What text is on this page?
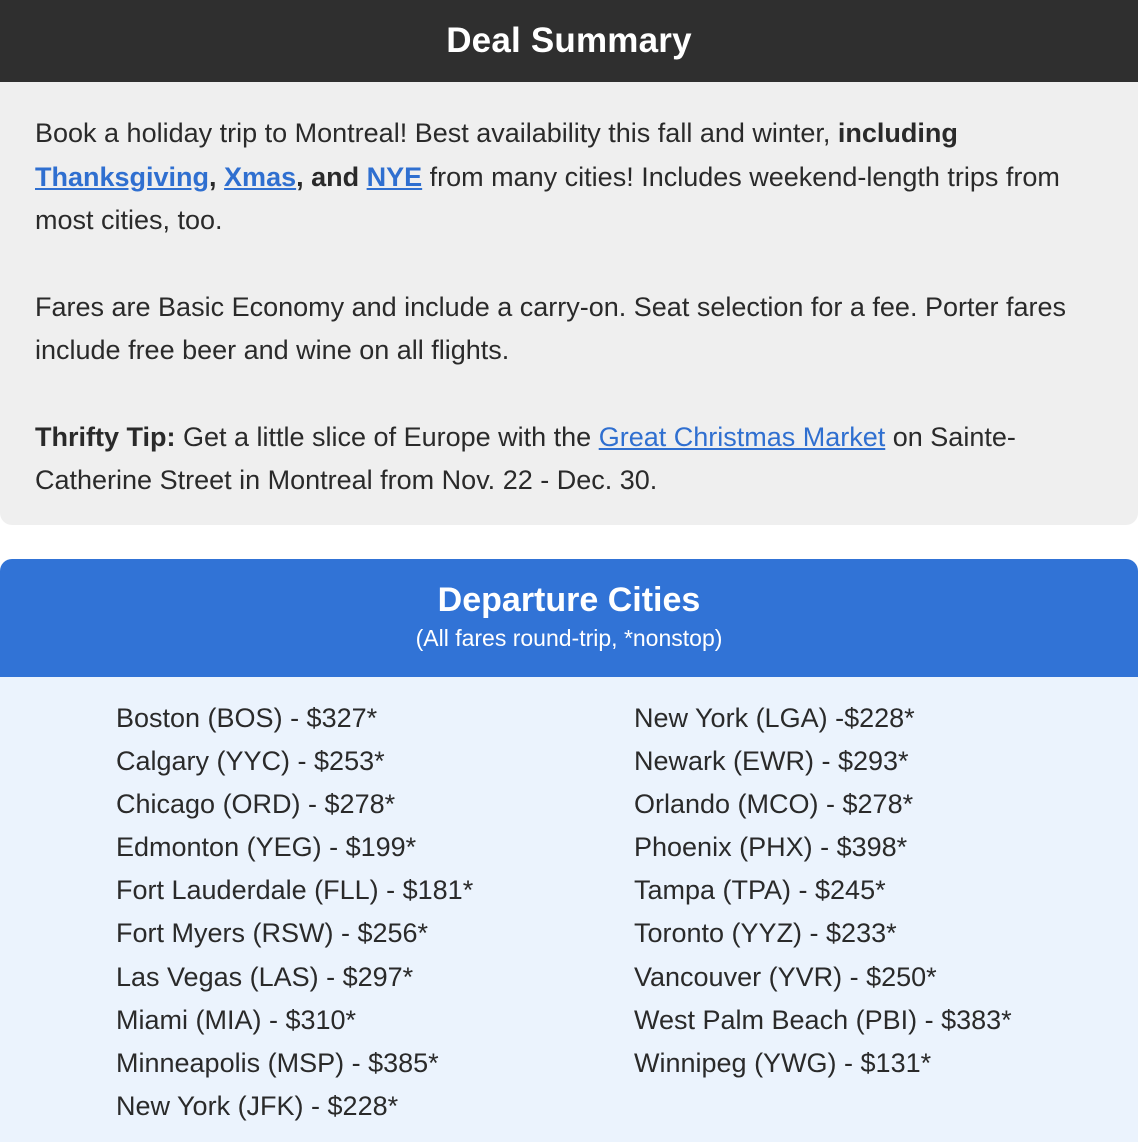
Deal Summary

Book a holiday trip to Montreal! Best availability this fall and winter, including Thanksgiving, Xmas, and NYE from many cities! Includes weekend-length trips from most cities, too.

Fares are Basic Economy and include a carry-on. Seat selection for a fee. Porter fares include free beer and wine on all flights.

Thrifty Tip: Get a little slice of Europe with the Great Christmas Market on Sainte-Catherine Street in Montreal from Nov. 22 - Dec. 30.

Departure Cities
(All fares round-trip, *nonstop)
Boston (BOS) - $327*
Calgary (YYC) - $253*
Chicago (ORD) - $278*
Edmonton (YEG) - $199*
Fort Lauderdale (FLL) - $181*
Fort Myers (RSW) - $256*
Las Vegas (LAS) - $297*
Miami (MIA) - $310*
Minneapolis (MSP) - $385*
New York (JFK) - $228*
New York (LGA) -$228*
Newark (EWR) - $293*
Orlando (MCO) - $278*
Phoenix (PHX) - $398*
Tampa (TPA) - $245*
Toronto (YYZ) - $233*
Vancouver (YVR) - $250*
West Palm Beach (PBI) - $383*
Winnipeg (YWG) - $131*
